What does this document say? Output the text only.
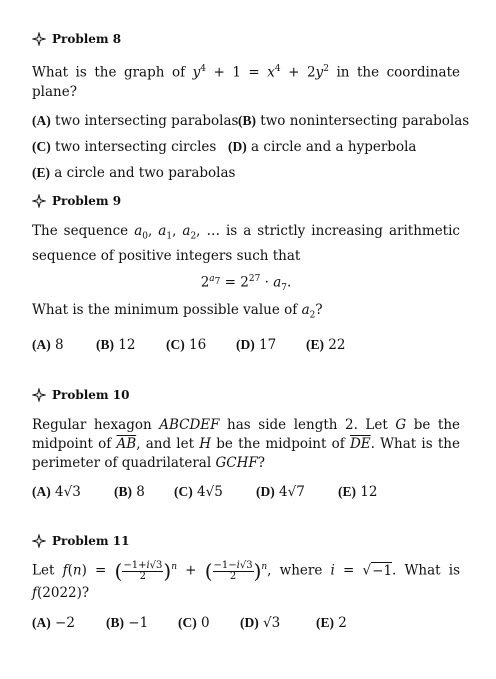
Problem 8
What is the graph of $y^4 + 1 = x^4 + 2y^2$ in the coordinate plane?
(A) two intersecting parabolas(B) two nonintersecting parabolas
(C) two intersecting circles (D) a circle and a hyperbola
(E) a circle and two parabolas
Problem 9
The sequence $a_0$, $a_1$, $a_2$, … is a strictly increasing arithmetic sequence of positive integers such that
$2^{a_7} = 2^{27} \cdot a_7$.
What is the minimum possible value of $a_2$?
(A) 8 (B) 12 (C) 16 (D) 17 (E) 22
Problem 10
Regular hexagon ABCDEF has side length 2. Let G be the midpoint of $\overline{AB}$, and let H be the midpoint of $\overline{DE}$. What is the perimeter of quadrilateral GCHF?
(A) 4√3 (B) 8 (C) 4√5 (D) 4√7 (E) 12
Problem 11
Let f(n) = ( $\frac{-1+i√3}{2} )^n$ + ( $\frac{-1-i√3}{2} )^n$, where i = √−1. What is f(2022)?
(A) −2 (B) −1 (C) 0 (D) √3	(E) 2
